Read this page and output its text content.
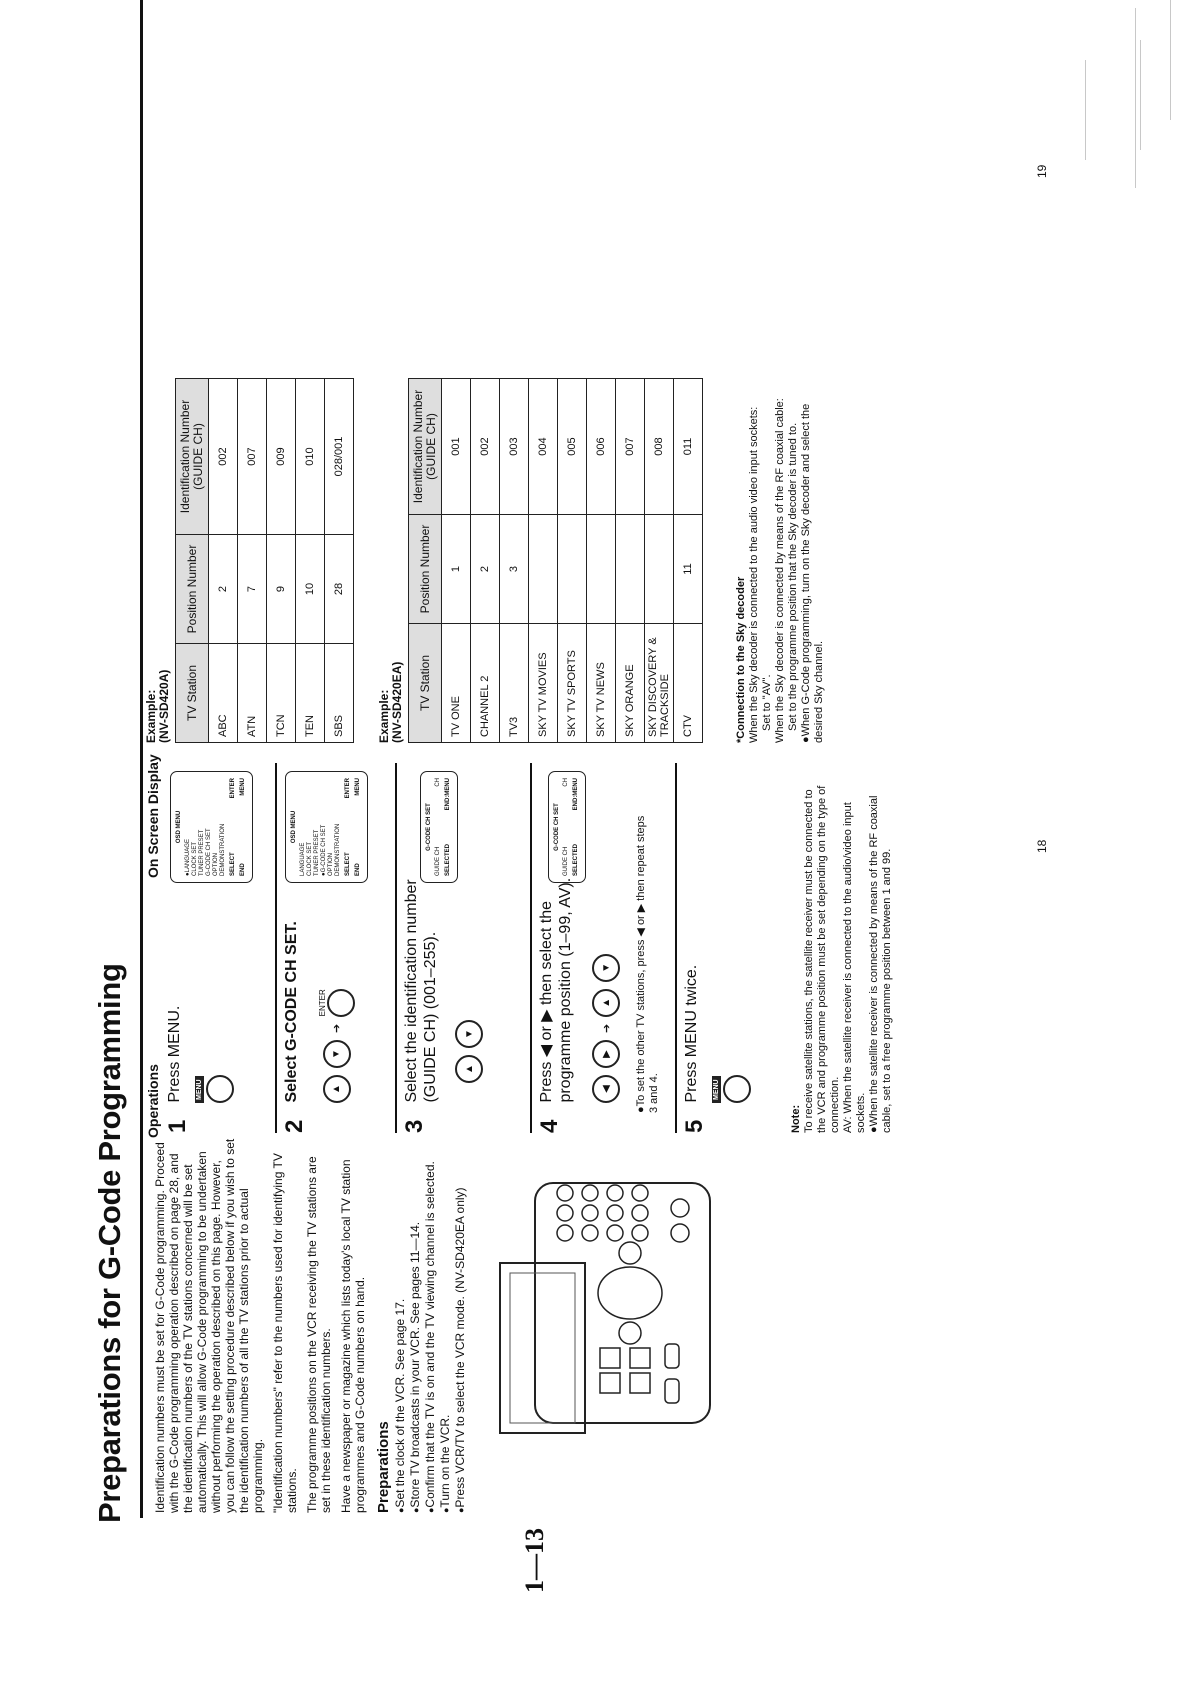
Preparations for G-Code Programming Identification numbers must be set for G-Code programming. Proceed with the G-Code programming operation described on page 28, and the identification numbers of the TV stations concerned will be set automatically. This will allow G-Code programming to be undertaken without performing the operation described on this page. However, you can follow the setting procedure described below if you wish to set the identification numbers of all the TV stations prior to actual programming. "Identification numbers" refer to the numbers used for identifying TV stations. The programme positions on the VCR receiving the TV stations are set in these identification numbers. Have a newspaper or magazine which lists today's local TV station programmes and G-Code numbers on hand. Preparations ● Set the clock of the VCR. See page 17. ● Store TV broadcasts in your VCR. See pages 11—14. ● Confirm that the TV is on and the TV viewing channel is selected. ● Turn on the VCR. ● Press VCR/TV to select the VCR mode. (NV-SD420EA only)
1—13
Operations
On Screen Display
1 Press MENU.	MENU
OSD MENU
●LANGUAGE CLOCK SET TUNER PRESET G-CODE CH SET OPTION DEMONSTRATION SELECT
ENTER
END
MENU
2 Select G-CODE CH SET.	▲
▼
➔
ENTER
OSD MENU
LANGUAGE CLOCK SET TUNER PRESET ●G-CODE CH SET OPTION DEMONSTRATION SELECT
ENTER
END
MENU
3 Select the identification number (GUIDE CH) (001–255).	▲
▼
G-CODE CH SET
GUIDE CH
CH
SELECTED
END:MENU
4 Press ◀ or ▶ then select the programme position (1–99, AV).	◀
▶
➔
▲
▼
G-CODE CH SET
GUIDE CH
CH
SELECTED
END:MENU
●To set the other TV stations, press ◀ or ▶ then repeat steps 3 and 4.
5 Press MENU twice.	MENU
Note: To receive satellite stations, the satellite receiver must be connected to the VCR and programme position must be set depending on the type of connection. AV: When the satellite receiver is connected to the audio/video input sockets. ●When the satellite receiver is connected by means of the RF coaxial cable, set to a free programme position between 1 and 99.
Example: (NV-SD420A) TV Station	Position Number	Identification Number (GUIDE CH)
ABC	2	002
ATN	7	007
TCN	9	009
TEN	10	010
SBS	28	028/001
Example: (NV-SD420EA) TV Station	Position Number	Identification Number (GUIDE CH)
TV ONE	1	001
CHANNEL 2	2	002
TV3	3	003
SKY TV MOVIES		004
SKY TV SPORTS		005
SKY TV NEWS		006
SKY ORANGE		007
SKY DISCOVERY & TRACKSIDE		008
CTV	11	011
*Connection to the Sky decoder When the Sky decoder is connected to the audio video input sockets: Set to "AV". When the Sky decoder is connected by means of the RF coaxial cable: Set to the programme position that the Sky decoder is tuned to.
●When G-Code programming, turn on the Sky decoder and select the desired Sky channel.
18
19
